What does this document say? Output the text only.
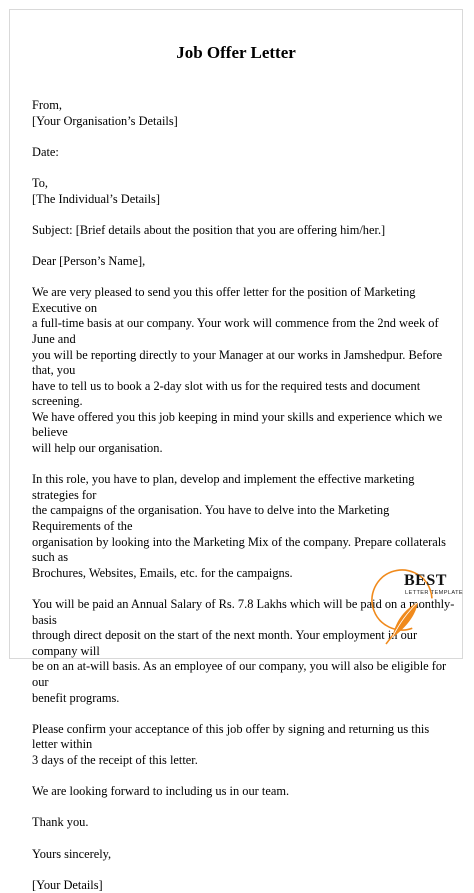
Job Offer Letter

From,

[Your Organisation’s Details]

Date:

To,

[The Individual’s Details]

Subject: [Brief details about the position that you are offering him/her.]

Dear [Person’s Name],

We are very pleased to send you this offer letter for the position of Marketing Executive on

a full-time basis at our company. Your work will commence from the 2nd week of June and

you will be reporting directly to your Manager at our works in Jamshedpur. Before that, you

have to tell us to book a 2-day slot with us for the required tests and document screening.

We have offered you this job keeping in mind your skills and experience which we believe

will help our organisation.

In this role, you have to plan, develop and implement the effective marketing strategies for

the campaigns of the organisation. You have to delve into the Marketing Requirements of the

organisation by looking into the Marketing Mix of the company. Prepare collaterals such as

Brochures, Websites, Emails, etc. for the campaigns.

You will be paid an Annual Salary of Rs. 7.8 Lakhs which will be paid on a monthly-basis

through direct deposit on the start of the next month. Your employment in our company will

be on an at-will basis. As an employee of our company, you will also be eligible for our

benefit programs.

Please confirm your acceptance of this job offer by signing and returning us this letter within

3 days of the receipt of this letter.

We are looking forward to including us in our team.

Thank you.

Yours sincerely,

[Your Details]

BEST
LETTER TEMPLATE
